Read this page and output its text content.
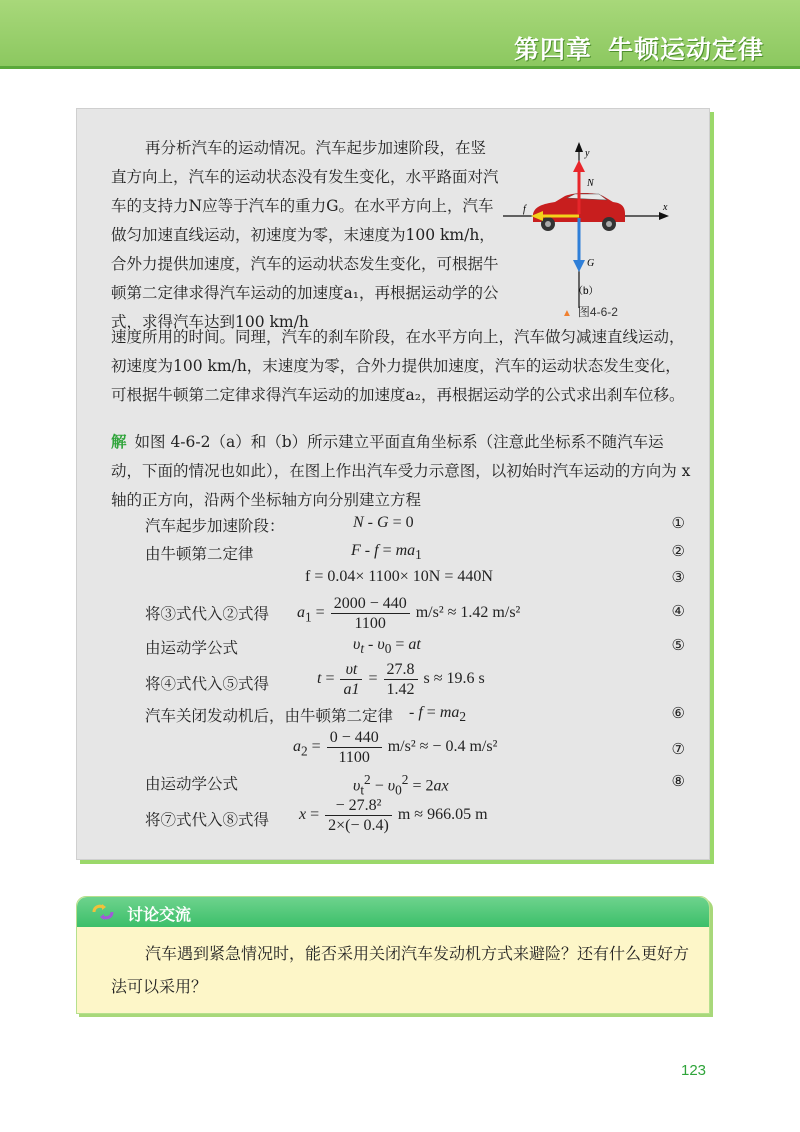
第四章 牛顿运动定律
再分析汽车的运动情况。汽车起步加速阶段，在竖直方向上，汽车的运动状态没有发生变化，水平路面对汽车的支持力N应等于汽车的重力G。在水平方向上，汽车做匀加速直线运动，初速度为零，末速度为100 km/h，合外力提供加速度，汽车的运动状态发生变化，可根据牛顿第二定律求得汽车运动的加速度a₁，再根据运动学的公式，求得汽车达到100 km/h
y
x
N
G
f
（b）
▲ 图4-6-2
速度所用的时间。同理，汽车的刹车阶段，在水平方向上，汽车做匀减速直线运动，初速度为100 km/h，末速度为零，合外力提供加速度，汽车的运动状态发生变化，可根据牛顿第二定律求得汽车运动的加速度a₂，再根据运动学的公式求出刹车位移。
解 如图 4-6-2（a）和（b）所示建立平面直角坐标系（注意此坐标系不随汽车运动，下面的情况也如此），在图上作出汽车受力示意图，以初始时汽车运动的方向为 x 轴的正方向，沿两个坐标轴方向分别建立方程
汽车起步加速阶段：	N - G = 0	①
由牛顿第二定律	$F - f = ma_1$	②
f = 0.04× 1100× 10N = 440N	③
将③式代入②式得 $a_1 = \frac{2000 - 440}{1100} m/s^2 \approx 1.42$ m/s²	④
由运动学公式	$\upsilon_t - \upsilon_0$ = at	⑤
将④式代入⑤式得	$t = \frac{\upsilon t}{a1} = \frac{27.8}{1.42}$ s ≈ 19.6 s
汽车关闭发动机后，由牛顿第二定律 - $f = ma_2$	⑥
$a_2 = \frac{0 - 440}{1100} m/s^2$ ≈ − 0.4 m/s²	⑦
由运动学公式	$\upsilon_t^2 - \upsilon_0^2 = 2ax$	⑧
将⑦式代入⑧式得 $x = \frac{\text{− 27.8²}}{2\times(- 0.4)}$ m ≈ 966.05 m
讨论交流
汽车遇到紧急情况时，能否采用关闭汽车发动机方式来避险？还有什么更好方法可以采用？
123
